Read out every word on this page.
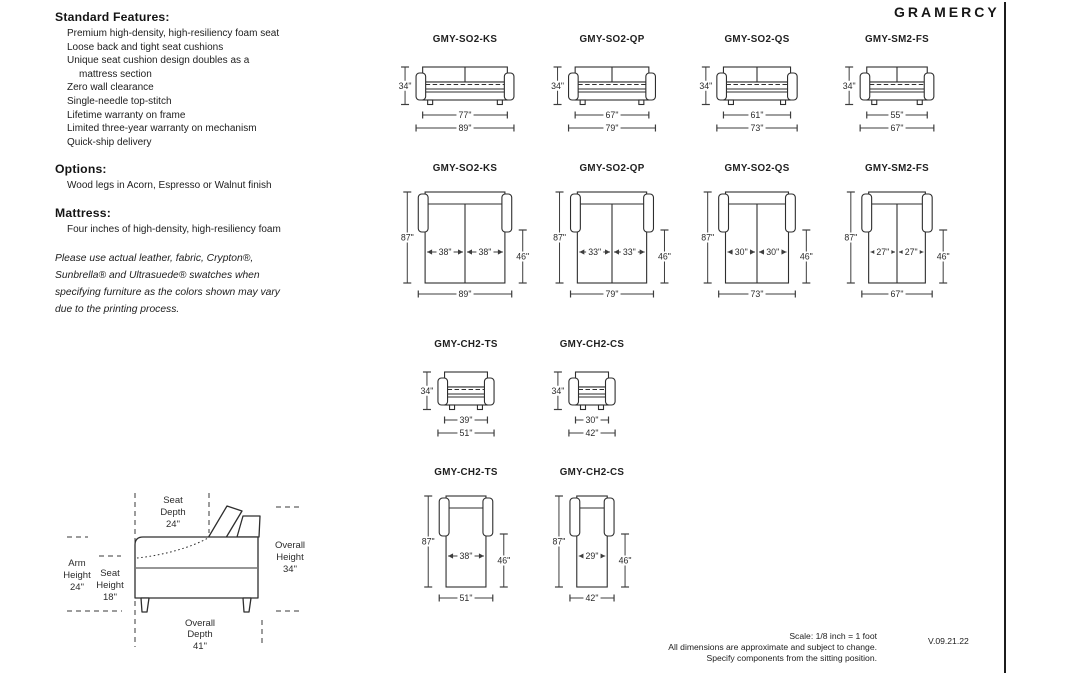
GRAMERCY
Standard Features:
Premium high-density, high-resiliency foam seat
Loose back and tight seat cushions
Unique seat cushion design doubles as a
mattress section
Zero wall clearance
Single-needle top-stitch
Lifetime warranty on frame
Limited three-year warranty on mechanism
Quick-ship delivery
Options:
Wood legs in Acorn, Espresso or Walnut finish
Mattress:
Four inches of high-density, high-resiliency foam
Please use actual leather, fabric, Crypton®,
Sunbrella® and Ultrasuede® swatches when
specifying furniture as the colors shown may vary
due to the printing process.
GMY-SO2-KS
34"
77"
89"
GMY-SO2-QP
34"
67"
79"
GMY-SO2-QS
34"
61"
73"
GMY-SM2-FS
34"
55"
67"
GMY-SO2-KS
38"	38"
87"
46"
89"
GMY-SO2-QP
33" 33"
87"
46"
79"
GMY-SO2-QS
30" 30"
87"
46"
73"
GMY-SM2-FS
27" 27"
87"
46"
67"
GMY-CH2-TS
34"
39"
51"
GMY-CH2-CS
34"
30"
42"
GMY-CH2-TS
38"
87"
46"
51"
GMY-CH2-CS
29"
87"
46"
42"
Seat
Depth
24"
Overall
Height
34"
Arm
Height
24"
Seat
Height
18"
Overall
Depth
41"
Scale: 1/8 inch = 1 foot
All dimensions are approximate and subject to change.
Specify components from the sitting position.
V.09.21.22
